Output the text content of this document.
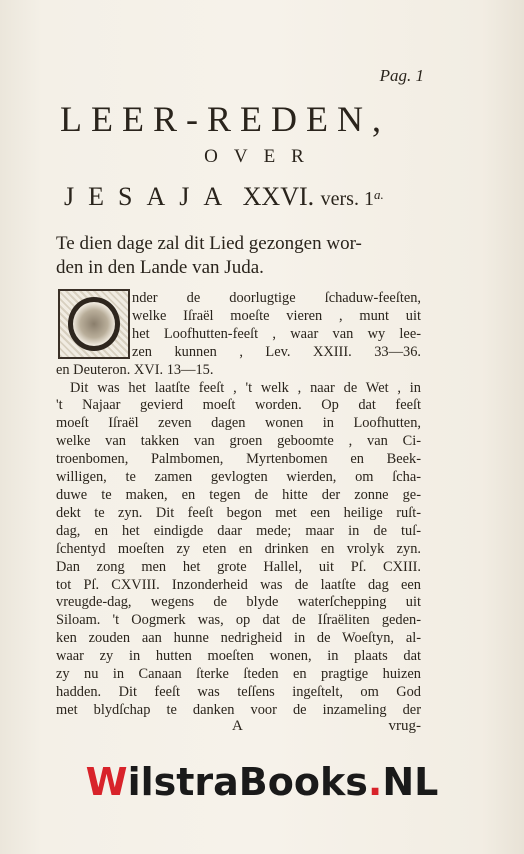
Pag. 1
LEER-REDEN,
OVER
JESAJA XXVI. vers. $1^{a.}$
Te dien dage zal dit Lied gezongen wor-
den in den Lande van Juda.
nder de doorlugtige ſchaduw-feeſten,
welke Iſraël moeſte vieren , munt uit
het Loofhutten-feeſt , waar van wy lee-
zen kunnen , Lev. XXIII. 33—36.
en Deuteron. XVI. 13—15.
Dit was het laatſte feeſt , 't welk , naar de Wet , in
't Najaar gevierd moeſt worden. Op dat feeſt
moeſt Iſraël zeven dagen wonen in Loofhutten,
welke van takken van groen geboomte , van Ci-
troenbomen, Palmbomen, Myrtenbomen en Beek-
willigen, te zamen gevlogten wierden, om ſcha-
duwe te maken, en tegen de hitte der zonne ge-
dekt te zyn. Dit feeſt begon met een heilige ruſt-
dag, en het eindigde daar mede; maar in de tuſ-
ſchentyd moeſten zy eten en drinken en vrolyk zyn.
Dan zong men het grote Hallel, uit Pſ. CXIII.
tot Pſ. CXVIII. Inzonderheid was de laatſte dag een
vreugde-dag, wegens de blyde waterſchepping uit
Siloam. 't Oogmerk was, op dat de Iſraëliten geden-
ken zouden aan hunne nedrigheid in de Woeſtyn, al-
waar zy in hutten moeſten wonen, in plaats dat
zy nu in Canaan ſterke ſteden en pragtige huizen
hadden. Dit feeſt was teſſens ingeſtelt, om God
met blydſchap te danken voor de inzameling der
A	vrug-
WilstraBooks.NL
